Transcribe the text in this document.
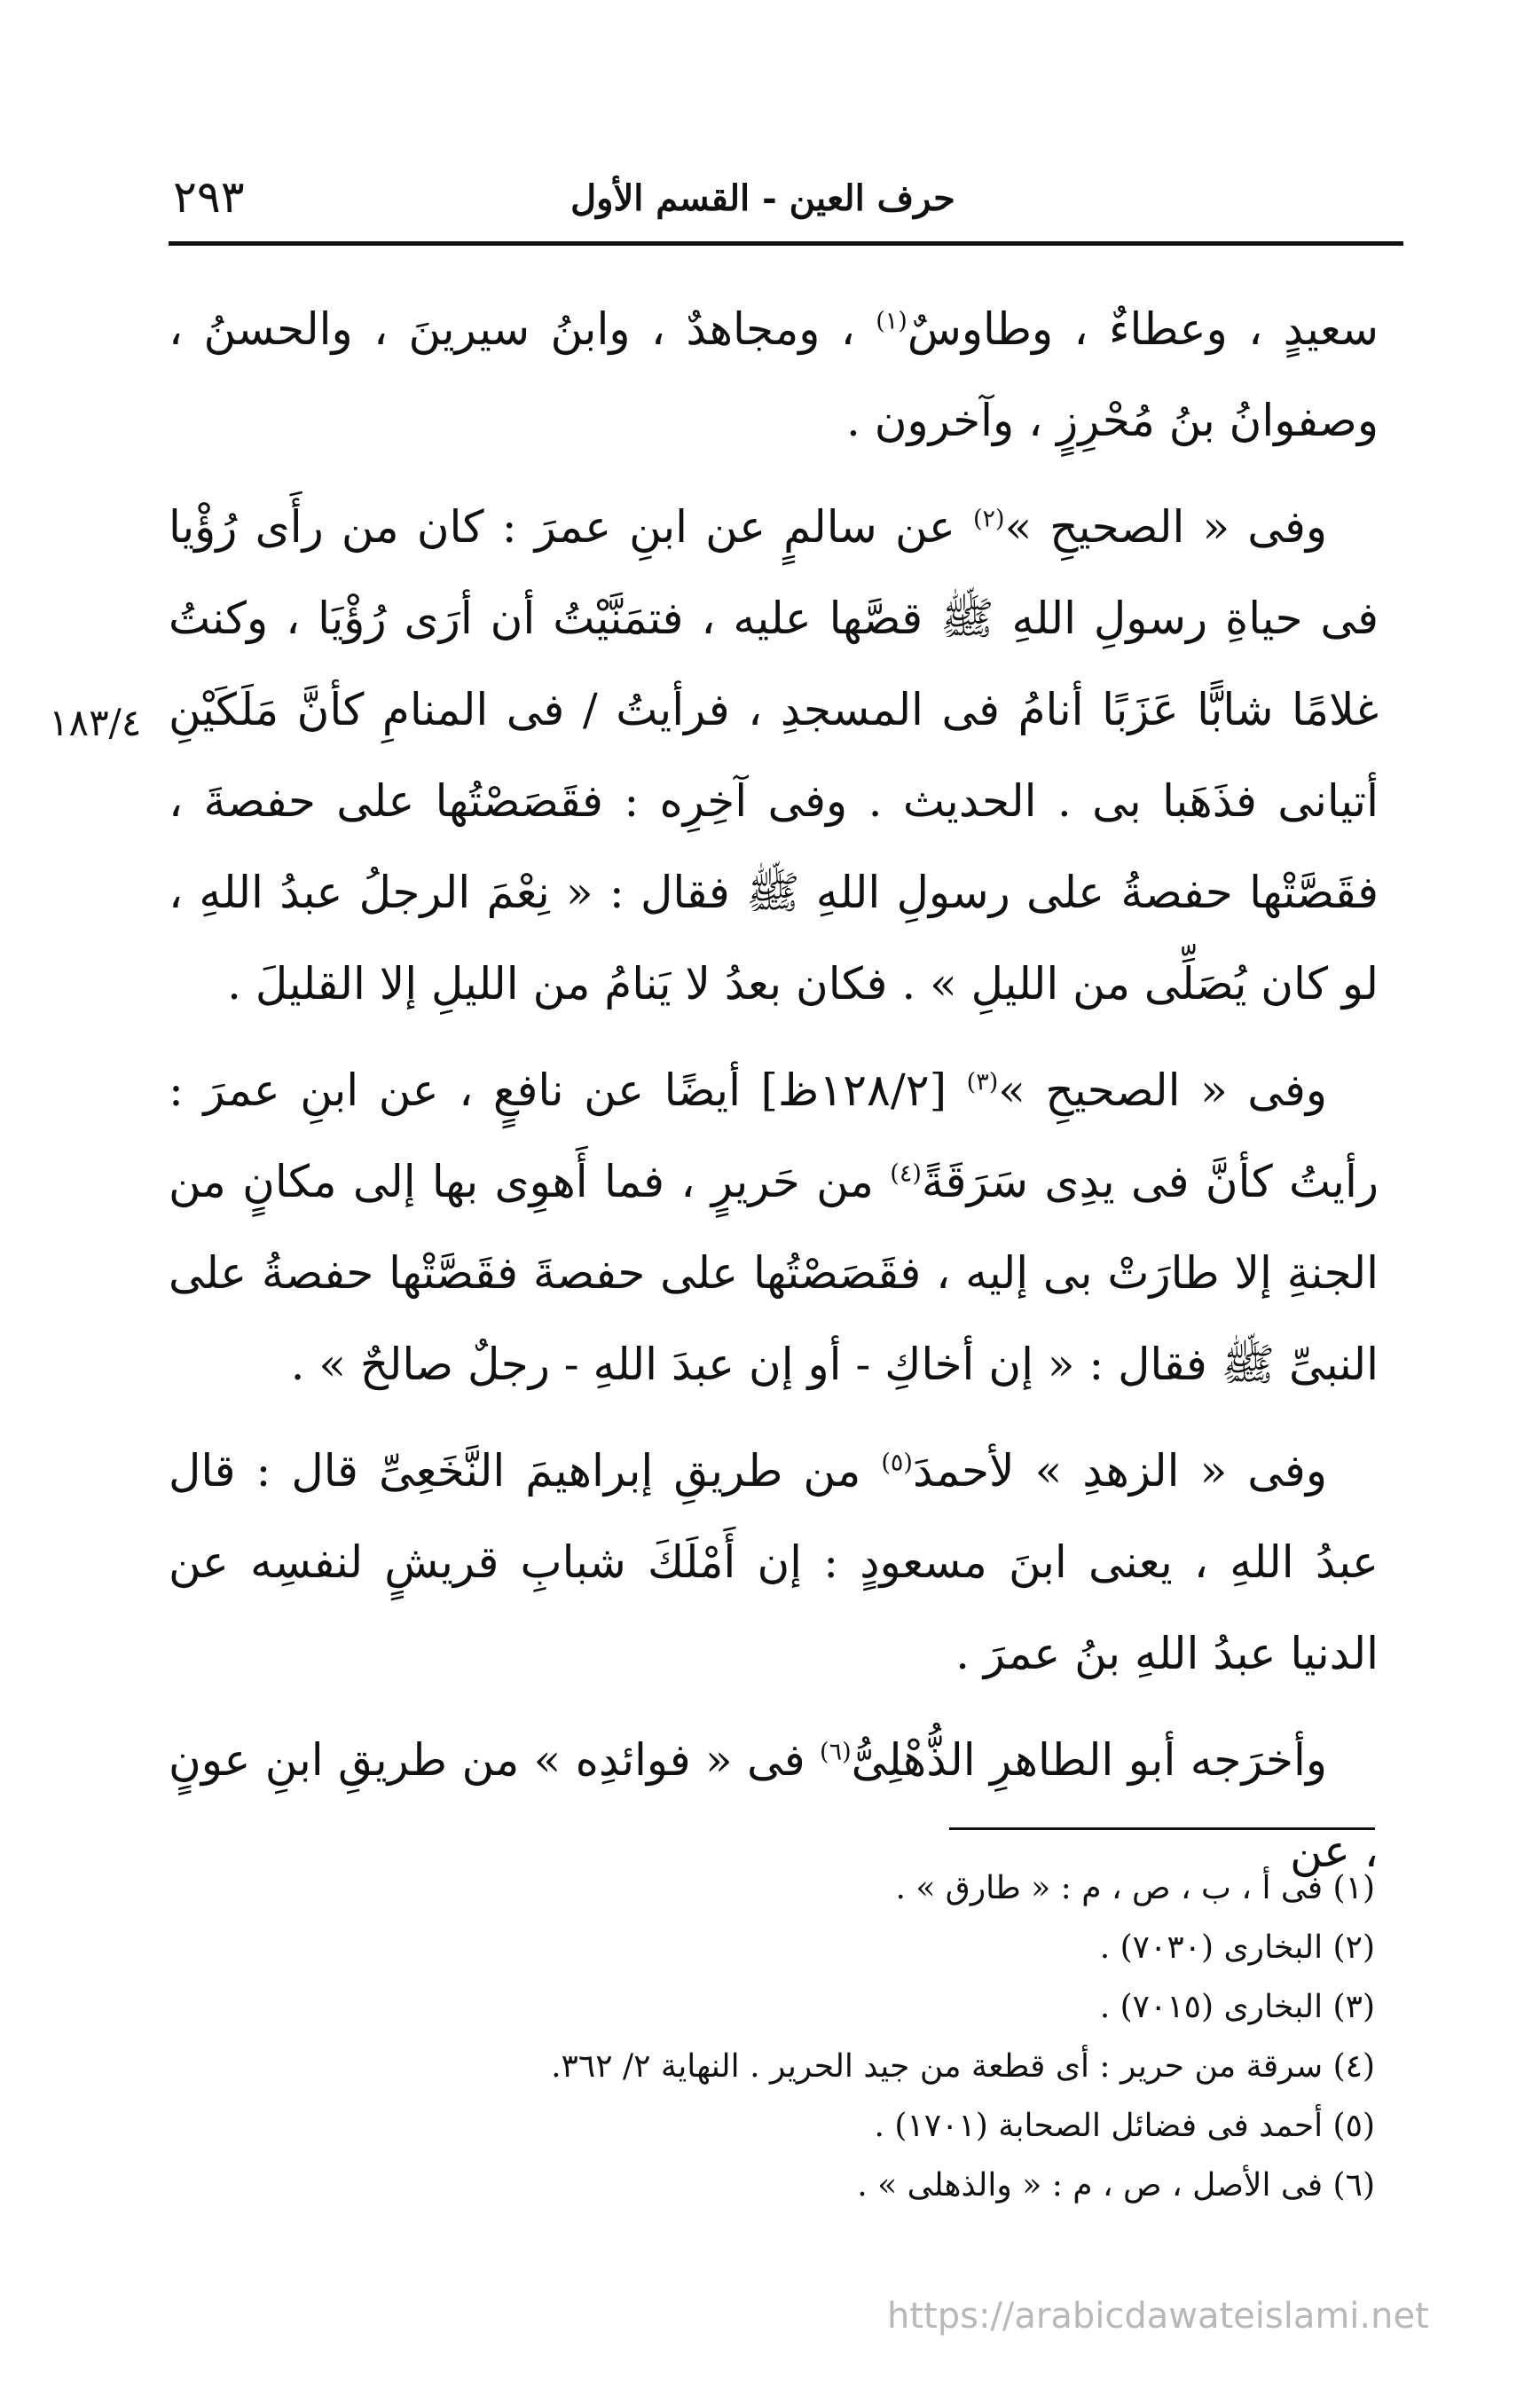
حرف العين - القسم الأول
٢٩٣
١٨٣/٤

سعيدٍ ، وعطاءٌ ، وطاوسٌ$^{(١)}$ ، ومجاهدٌ ، وابنُ سيرينَ ، والحسنُ ، وصفوانُ بنُ مُحْرِزٍ ، وآخرون .

وفى « الصحيحِ »$^{(٢)}$ عن سالمٍ عن ابنِ عمرَ : كان من رأَى رُؤْيا فى حياةِ رسولِ اللهِ ﷺ قصَّها عليه ، فتمَنَّيْتُ أن أرَى رُؤْيَا ، وكنتُ غلامًا شابًّا عَزَبًا أنامُ فى المسجدِ ، فرأيتُ / فى المنامِ كأنَّ مَلَكَيْنِ أتيانى فذَهَبا بى . الحديث . وفى آخِرِه : فقَصَصْتُها على حفصةَ ، فقَصَّتْها حفصةُ على رسولِ اللهِ ﷺ فقال : « نِعْمَ الرجلُ عبدُ اللهِ ، لو كان يُصَلِّى من الليلِ » . فكان بعدُ لا يَنامُ من الليلِ إلا القليلَ .

وفى « الصحيحِ »$^{(٣)}$ [١٢٨/٢ظ] أيضًا عن نافعٍ ، عن ابنِ عمرَ : رأيتُ كأنَّ فى يدِى سَرَقَةً$^{(٤)}$ من حَريرٍ ، فما أَهوِى بها إلى مكانٍ من الجنةِ إلا طارَتْ بى إليه ، فقَصَصْتُها على حفصةَ فقَصَّتْها حفصةُ على النبىِّ ﷺ فقال : « إن أخاكِ - أو إن عبدَ اللهِ - رجلٌ صالحٌ » .

وفى « الزهدِ » لأحمدَ$^{(٥)}$ من طريقِ إبراهيمَ النَّخَعِىِّ قال : قال عبدُ اللهِ ، يعنى ابنَ مسعودٍ : إن أَمْلَكَ شبابِ قريشٍ لنفسِه عن الدنيا عبدُ اللهِ بنُ عمرَ .

وأخرَجه أبو الطاهرِ الذُّهْلِىُّ$^{(٦)}$ فى « فوائدِه » من طريقِ ابنِ عونٍ ، عن

(١) فى أ ، ب ، ص ، م : « طارق » .
(٢) البخارى (٧٠٣٠) .
(٣) البخارى (٧٠١٥) .
(٤) سرقة من حرير : أى قطعة من جيد الحرير . النهاية ٢/ ٣٦٢.
(٥) أحمد فى فضائل الصحابة (١٧٠١) .
(٦) فى الأصل ، ص ، م : « والذهلى » .
https://arabicdawateislami.net
